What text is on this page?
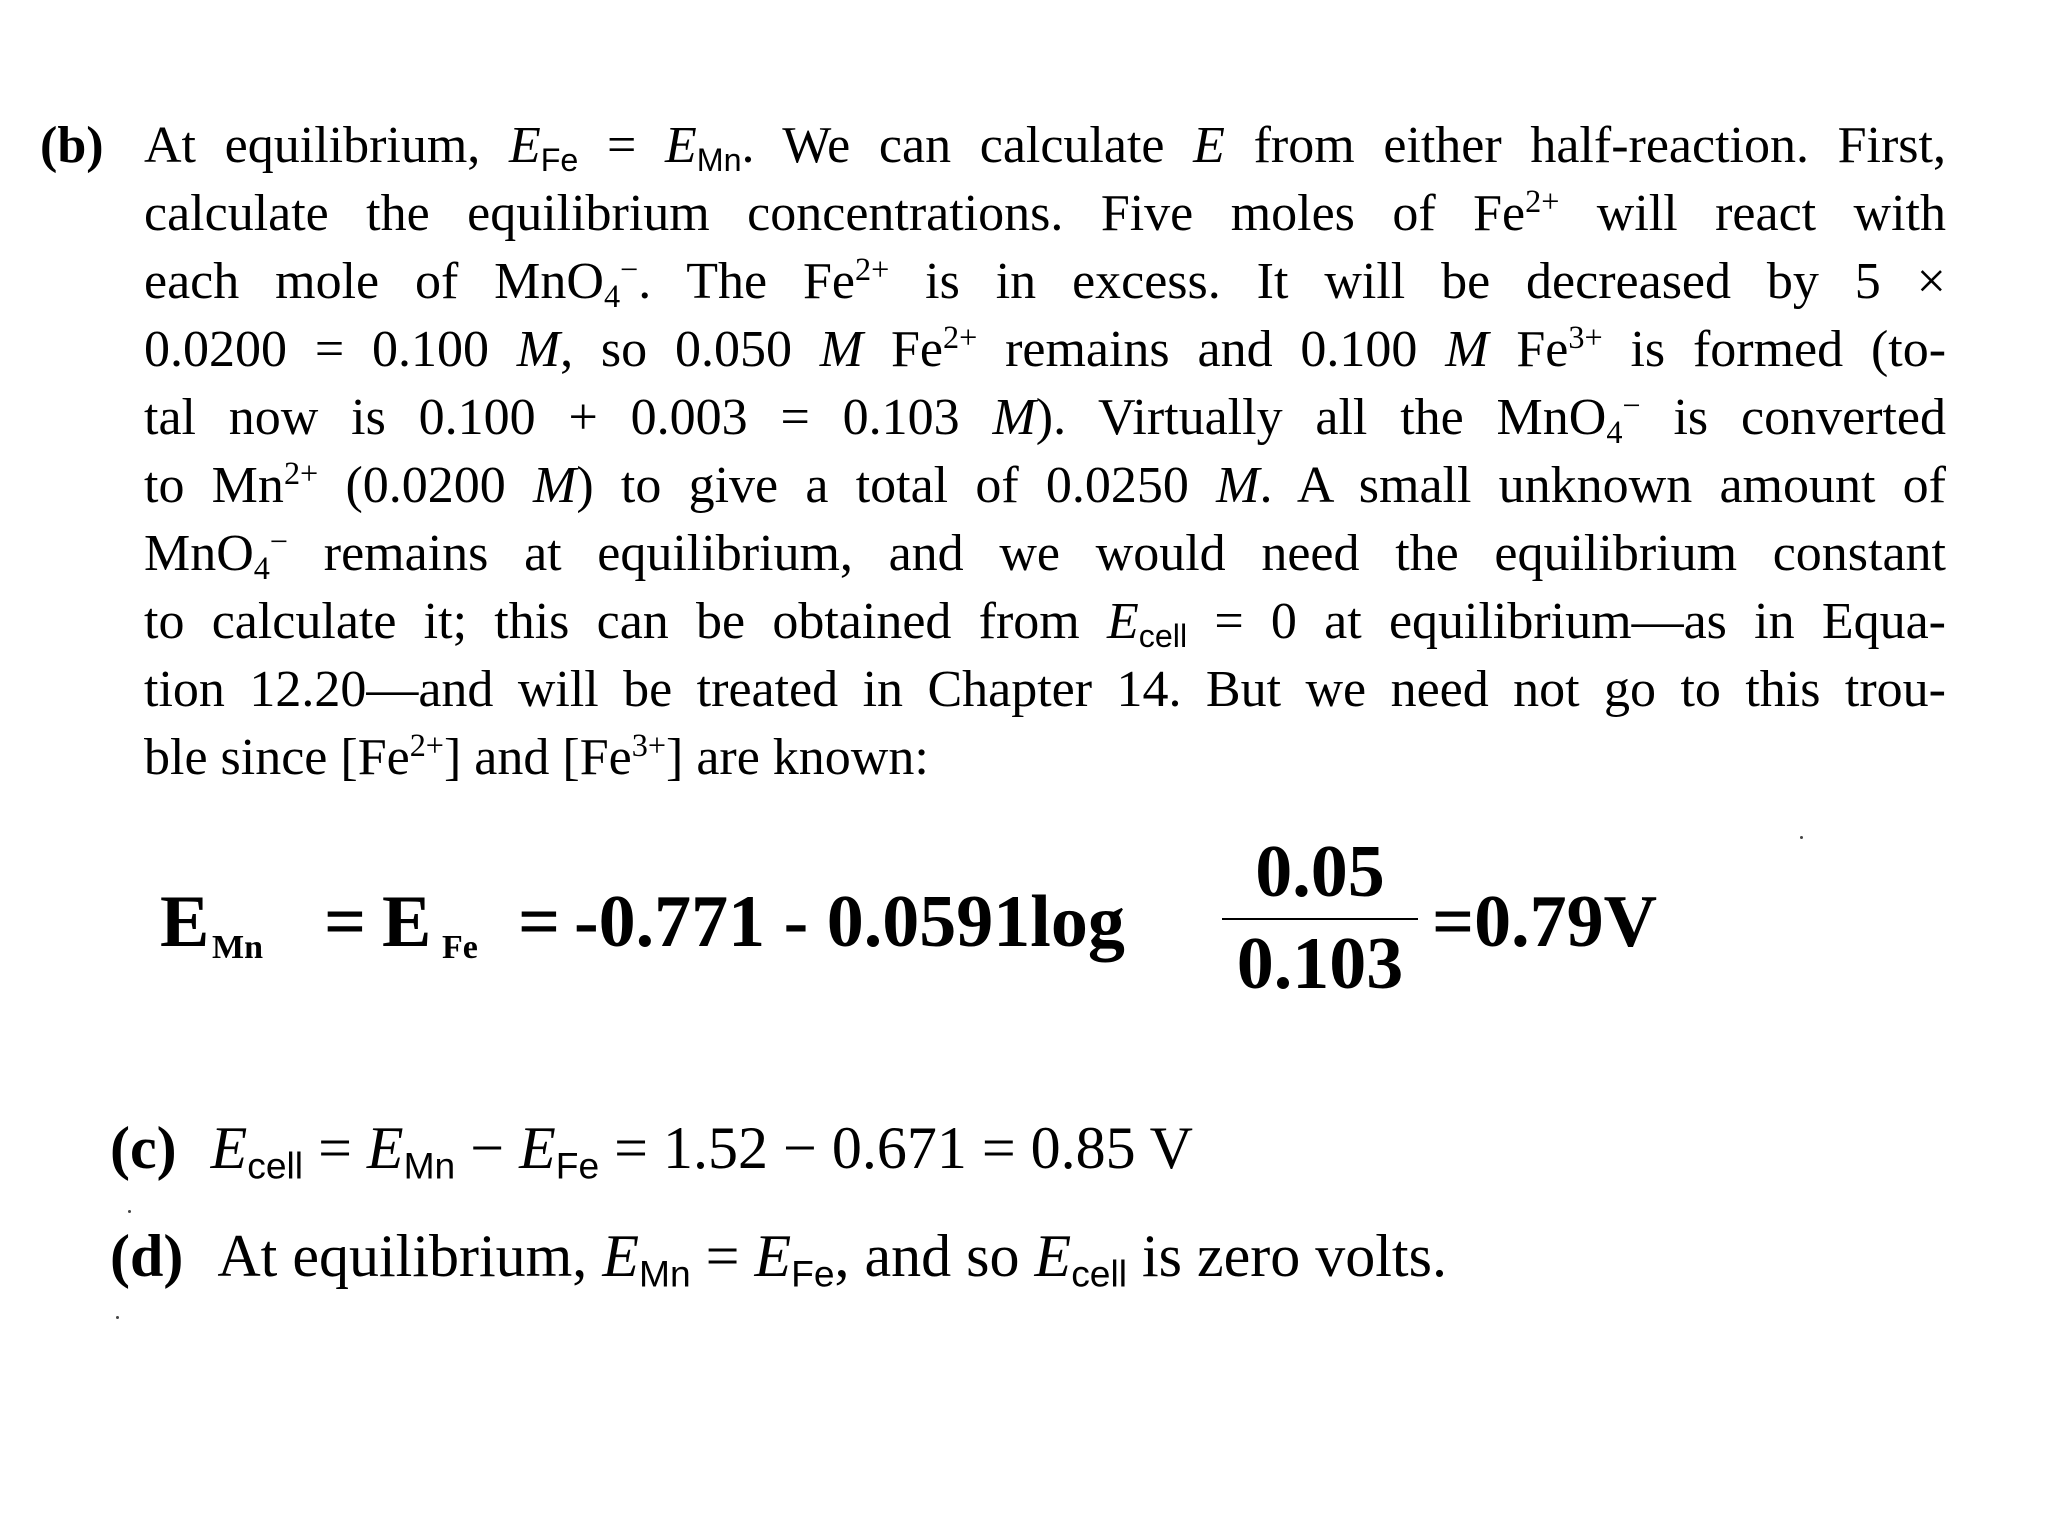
(b) At equilibrium, $E_{Fe} = E_{Mn}$. We can calculate E from either half-reaction. First,
calculate the equilibrium concentrations. Five moles of $Fe^{2+}$ will react with
each mole of MnO$_4$−. The $Fe^{2+}$ is in excess. It will be decreased by 5 ×
0.0200 = 0.100 M, so 0.050 M $Fe^{2+}$ remains and 0.100 M $Fe^{3+}$ is formed (to-
tal now is 0.100 + 0.003 = 0.103 M). Virtually all the MnO$_4$− is converted
to $Mn^{2+}$ (0.0200 M) to give a total of 0.0250 M. A small unknown amount of
MnO$_4$− remains at equilibrium, and we would need the equilibrium constant
to calculate it; this can be obtained from $E_{cell} = 0$ at equilibrium—as in Equa-
tion 12.20—and will be treated in Chapter 14. But we need not go to this trou-
ble since $[Fe^{2+}]$ and $[Fe^{3+}]$ are known:
E Mn = E Fe = -0.771 - 0.0591log
0.05
0.103
=0.79V
(c) $E_{cell} = E_{Mn} - E_{Fe} = 1.52 - 0.671 = 0.85$ V
(d) At equilibrium, $E_{Mn} = E_{Fe}$, and so $E_{cell}$ is zero volts.
